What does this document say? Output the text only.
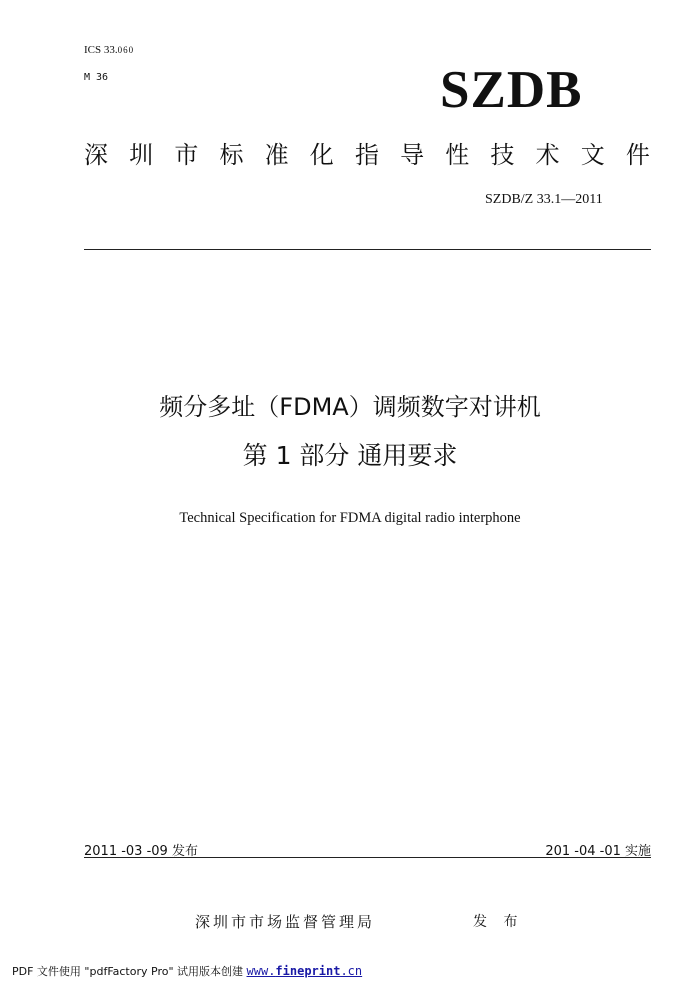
ICS 33.060
M 36	SZDB
深 圳 市 标 准 化 指 导 性 技 术 文 件
SZDB/Z 33.1—2011
频分多址（FDMA）调频数字对讲机
第 1 部分 通用要求
Technical Specification for FDMA digital radio interphone
2011 -03 -09 发布	201 -04 -01 实施
深圳市市场监督管理局	发 布
PDF 文件使用 "pdfFactory Pro" 试用版本创建 www.fineprint.cn
